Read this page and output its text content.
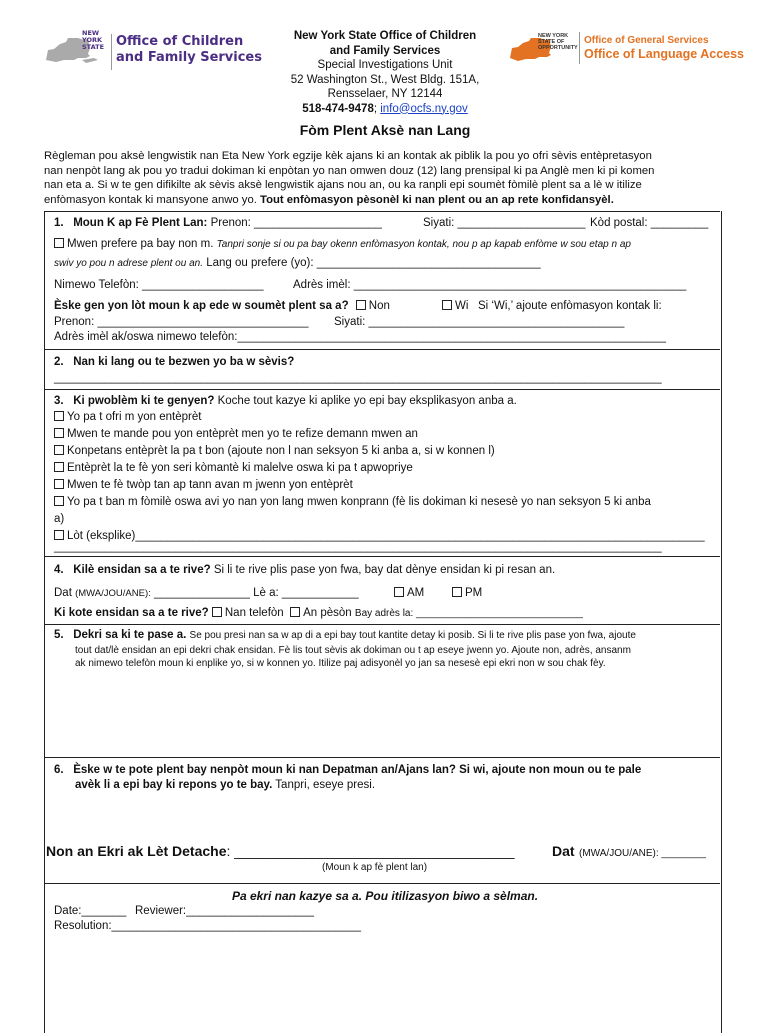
NEW
YORK
STATE Office of Children
and Family Services
NEW YORK
STATE OF
OPPORTUNITY
Office of General Services
Office of Language Access
New York State Office of Children
and Family Services
Special Investigations Unit
52 Washington St., West Bldg. 151A,
Rensselaer, NY 12144
518-474-9478; info@ocfs.ny.gov
Fòm Plent Aksè nan Lang
Règleman pou aksè lengwistik nan Eta New York egzije kèk ajans ki an kontak ak piblik la pou yo ofri sèvis entèpretasyon
nan nenpòt lang ak pou yo tradui dokiman ki enpòtan yo nan omwen douz (12) lang prensipal ki pa Anglè men ki pi komen
nan eta a. Si w te gen difikilte ak sèvis aksè lengwistik ajans nou an, ou ka ranpli epi soumèt fòmilè plent sa a lè w itilize
enfòmasyon kontak ki mansyone anwo yo. Tout enfòmasyon pèsonèl ki nan plent ou an ap rete konfidansyèl.
1. Moun K ap Fè Plent Lan: Prenon: ____________________	Siyati: ____________________ Kòd postal: _________
Mwen prefere pa bay non m. Tanpri sonje si ou pa bay okenn enfòmasyon kontak, nou p ap kapab enfòme w sou etap n ap
swiv yo pou n adrese plent ou an. Lang ou prefere (yo): ___________________________________
Nimewo Telefòn: ___________________	Adrès imèl: ____________________________________________________
Èske gen yon lòt moun k ap ede w soumèt plent sa a? Non	Wi Si ‘Wi,’ ajoute enfòmasyon kontak li:
Prenon: _________________________________ Siyati: ________________________________________
Adrès imèl ak/oswa nimewo telefòn:___________________________________________________________________
2. Nan ki lang ou te bezwen yo ba w sèvis?
_______________________________________________________________________________________________
3. Ki pwoblèm ki te genyen? Koche tout kazye ki aplike yo epi bay eksplikasyon anba a.
Yo pa t ofri m yon entèprèt
Mwen te mande pou yon entèprèt men yo te refize demann mwen an
Konpetans entèprèt la pa t bon (ajoute non l nan seksyon 5 ki anba a, si w konnen l)
Entèprèt la te fè yon seri kòmantè ki malelve oswa ki pa t apwopriye
Mwen te fè twòp tan ap tann avan m jwenn yon entèprèt
Yo pa t ban m fòmilè oswa avi yo nan yon lang mwen konprann (fè lis dokiman ki nesesè yo nan seksyon 5 ki anba
a)
Lòt (eksplike)_________________________________________________________________________________________
_______________________________________________________________________________________________
4. Kilè ensidan sa a te rive? Si li te rive plis pase yon fwa, bay dat dènye ensidan ki pi resan an.
Dat (MWA/JOU/ANE): _______________ Lè a: ____________	AM	PM
Ki kote ensidan sa a te rive? Nan telefòn An pèsòn Bay adrès la: ______________________________
5. Dekri sa ki te pase a. Se pou presi nan sa w ap di a epi bay tout kantite detay ki posib. Si li te rive plis pase yon fwa, ajoute
tout dat/lè ensidan an epi dekri chak ensidan. Fè lis tout sèvis ak dokiman ou t ap eseye jwenn yo. Ajoute non, adrès, ansanm
ak nimewo telefòn moun ki enplike yo, si w konnen yo. Itilize paj adisyonèl yo jan sa nesesè epi ekri non w sou chak fèy.
6. Èske w te pote plent bay nenpòt moun ki nan Depatman an/Ajans lan? Si wi, ajoute non moun ou te pale
avèk li a epi bay ki repons yo te bay. Tanpri, eseye presi.
Non an Ekri ak Lèt Detache: ____________________________________	Dat (MWA/JOU/ANE): ________
(Moun k ap fè plent lan)
Pa ekri nan kazye sa a. Pou itilizasyon biwo a sèlman.
Date:_______ Reviewer:____________________
Resolution:_______________________________________
